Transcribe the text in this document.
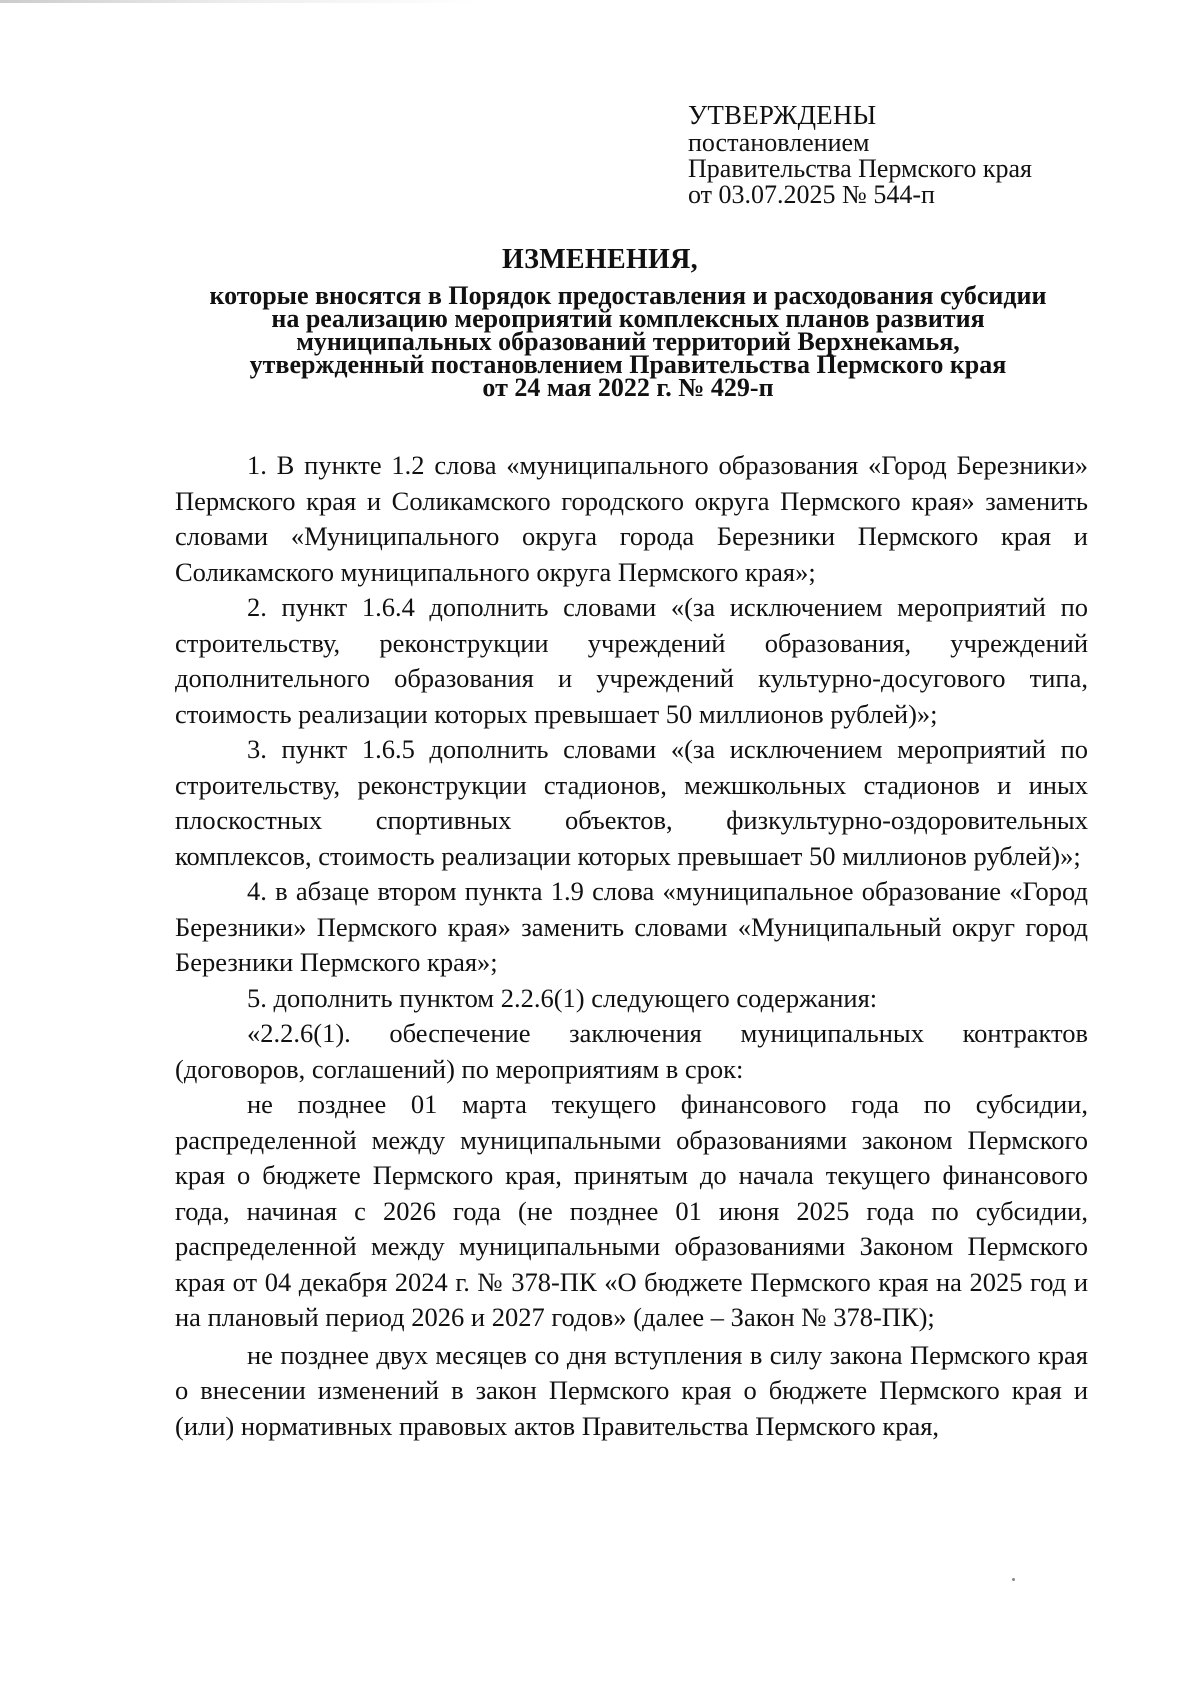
УТВЕРЖДЕНЫ
постановлением
Правительства Пермского края
от 03.07.2025 № 544-п
ИЗМЕНЕНИЯ,
которые вносятся в Порядок предоставления и расходования субсидии
на реализацию мероприятий комплексных планов развития
муниципальных образований территорий Верхнекамья,
утвержденный постановлением Правительства Пермского края
от 24 мая 2022 г. № 429-п

1. В пункте 1.2 слова «муниципального образования «Город Березники» Пермского края и Соликамского городского округа Пермского края» заменить словами «Муниципального округа города Березники Пермского края и Соликамского муниципального округа Пермского края»;

2. пункт 1.6.4 дополнить словами «(за исключением мероприятий по строительству, реконструкции учреждений образования, учреждений дополнительного образования и учреждений культурно-досугового типа, стоимость реализации которых превышает 50 миллионов рублей)»;

3. пункт 1.6.5 дополнить словами «(за исключением мероприятий по строительству, реконструкции стадионов, межшкольных стадионов и иных плоскостных спортивных объектов, физкультурно-оздоровительных комплексов, стоимость реализации которых превышает 50 миллионов рублей)»;

4. в абзаце втором пункта 1.9 слова «муниципальное образование «Город Березники» Пермского края» заменить словами «Муниципальный округ город Березники Пермского края»;

5. дополнить пунктом 2.2.6(1) следующего содержания:

«2.2.6(1). обеспечение заключения муниципальных контрактов (договоров, соглашений) по мероприятиям в срок:

не позднее 01 марта текущего финансового года по субсидии, распределенной между муниципальными образованиями законом Пермского края о бюджете Пермского края, принятым до начала текущего финансового года, начиная с 2026 года (не позднее 01 июня 2025 года по субсидии, распределенной между муниципальными образованиями Законом Пермского края от 04 декабря 2024 г. № 378-ПК «О бюджете Пермского края на 2025 год и на плановый период 2026 и 2027 годов» (далее – Закон № 378-ПК);

не позднее двух месяцев со дня вступления в силу закона Пермского края о внесении изменений в закон Пермского края о бюджете Пермского края и (или) нормативных правовых актов Правительства Пермского края,
